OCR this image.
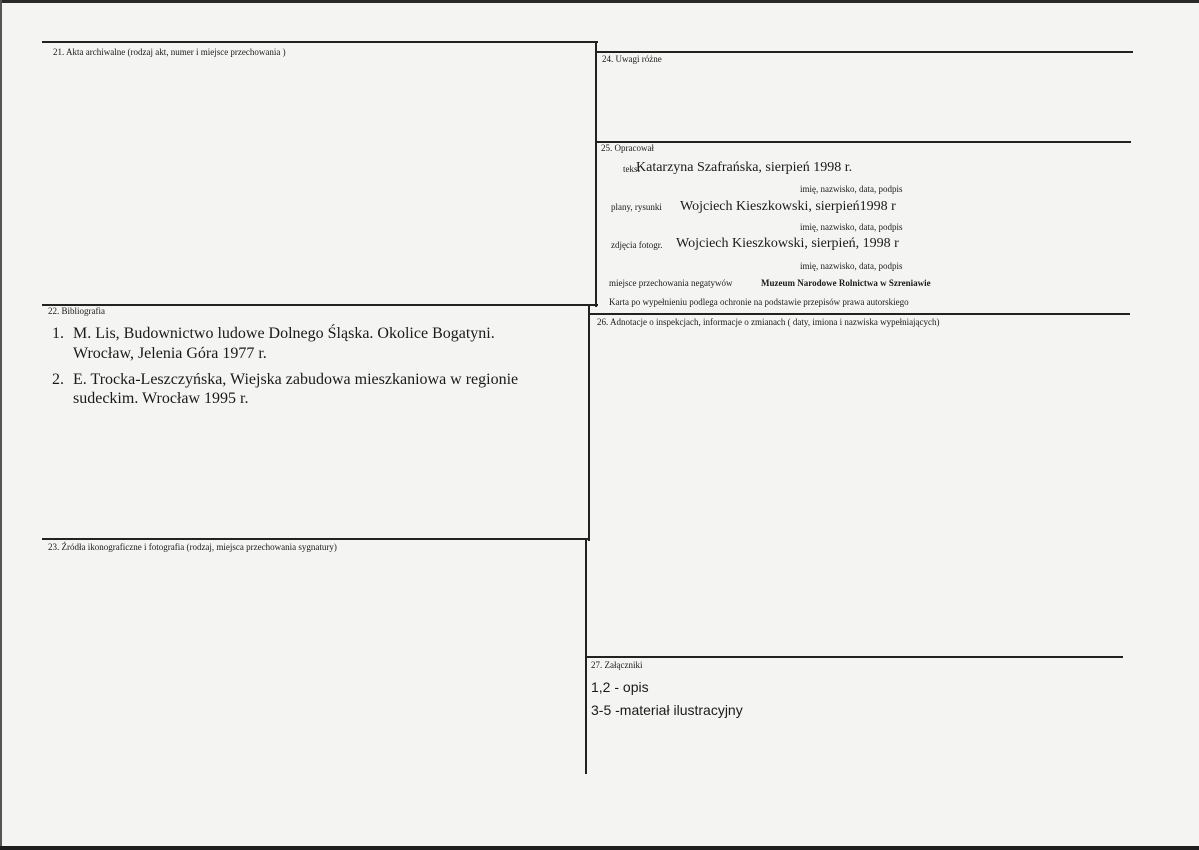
21. Akta archiwalne (rodzaj akt, numer i miejsce przechowania )
24. Uwagi różne
25. Opracował
tekst
Katarzyna Szafrańska, sierpień 1998 r.
imię, nazwisko, data, podpis
plany, rysunki Wojciech Kieszkowski, sierpień1998 r
imię, nazwisko, data, podpis
zdjęcia fotogr. Wojciech Kieszkowski, sierpień, 1998 r
imię, nazwisko, data, podpis
miejsce przechowania negatywów	Muzeum Narodowe Rolnictwa w Szreniawie
Karta po wypełnieniu podlega ochronie na podstawie przepisów prawa autorskiego
22. Bibliografia
1. M. Lis, Budownictwo ludowe Dolnego Śląska. Okolice Bogatyni.
Wrocław, Jelenia Góra 1977 r.
2. E. Trocka-Leszczyńska, Wiejska zabudowa mieszkaniowa w regionie
sudeckim. Wrocław 1995 r.
26. Adnotacje o inspekcjach, informacje o zmianach ( daty, imiona i nazwiska wypełniających)
23. Źródła ikonograficzne i fotografia (rodzaj, miejsca przechowania sygnatury)
27. Załączniki
1,2 - opis
3-5 -materiał ilustracyjny
